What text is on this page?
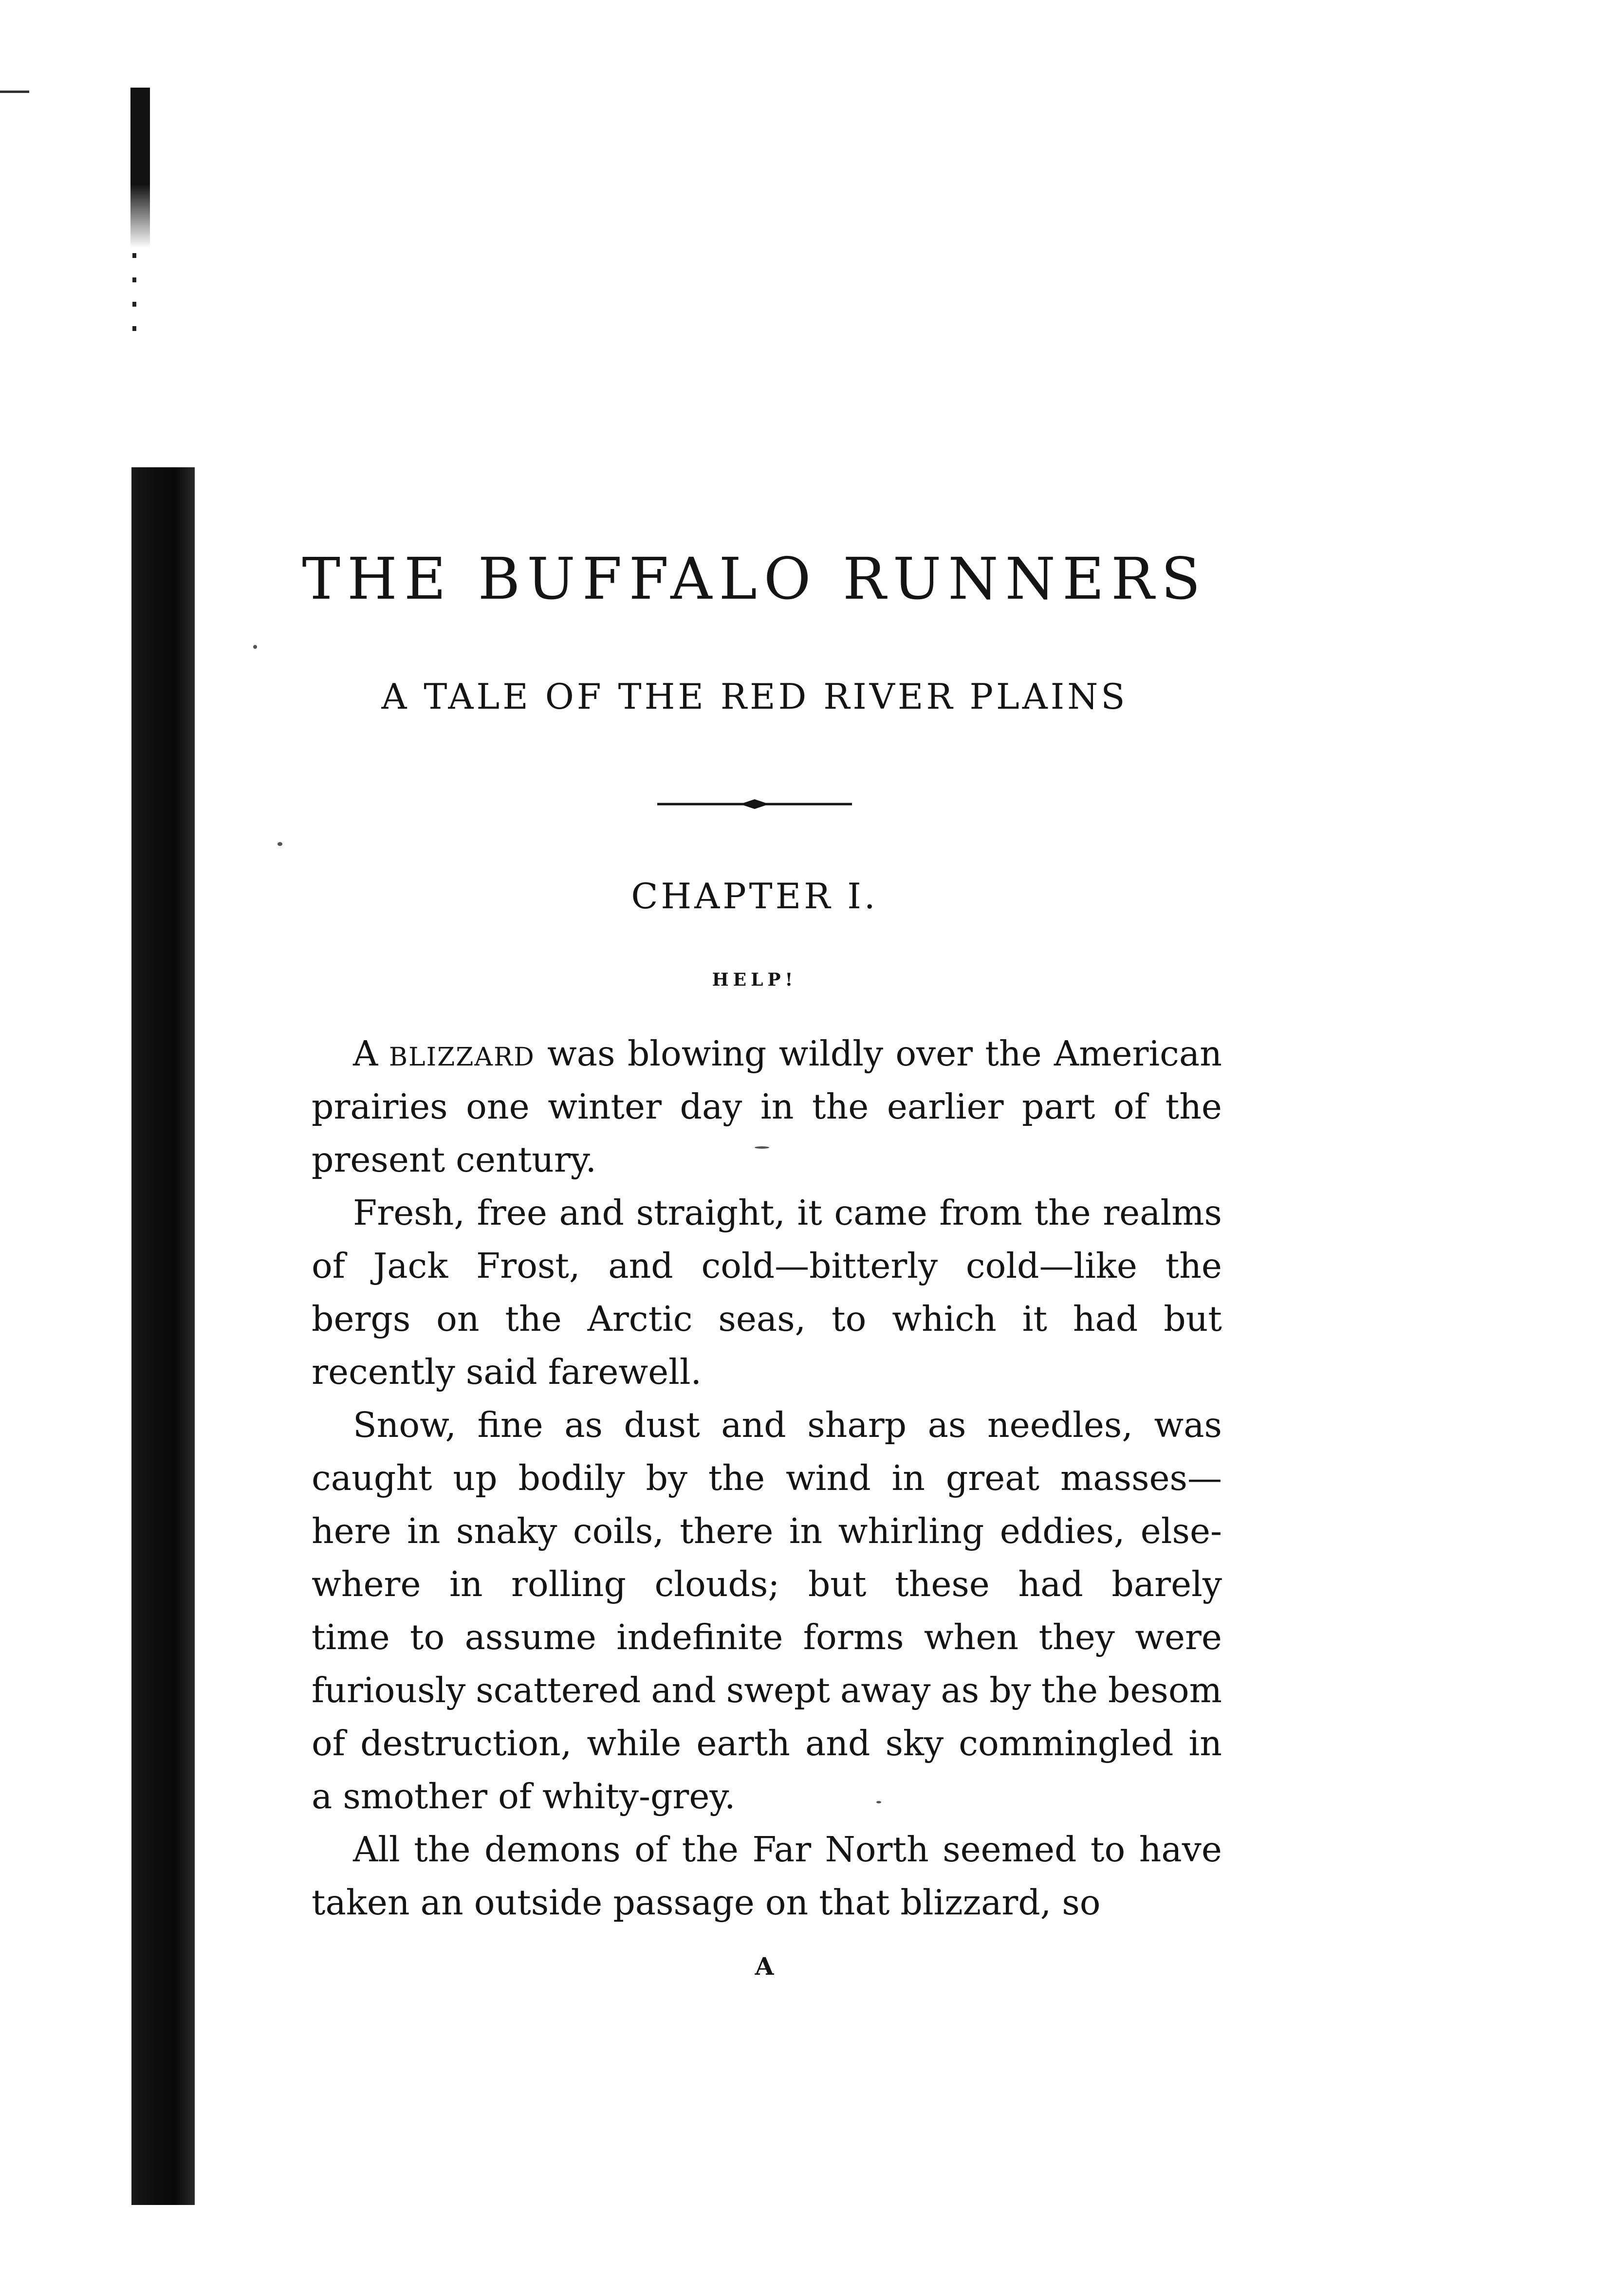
THE BUFFALO RUNNERS
A TALE OF THE RED RIVER PLAINS
CHAPTER I.
HELP!
A BLIZZARD was blowing wildly over the American
prairies one winter day in the earlier part of the
present century.
Fresh, free and straight, it came from the realms
of Jack Frost, and cold—bitterly cold—like the
bergs on the Arctic seas, to which it had but
recently said farewell.
Snow, fine as dust and sharp as needles, was
caught up bodily by the wind in great masses—
here in snaky coils, there in whirling eddies, else-
where in rolling clouds; but these had barely
time to assume indefinite forms when they were
furiously scattered and swept away as by the besom
of destruction, while earth and sky commingled in
a smother of whity-grey.
All the demons of the Far North seemed to have
taken an outside passage on that blizzard, so
A
